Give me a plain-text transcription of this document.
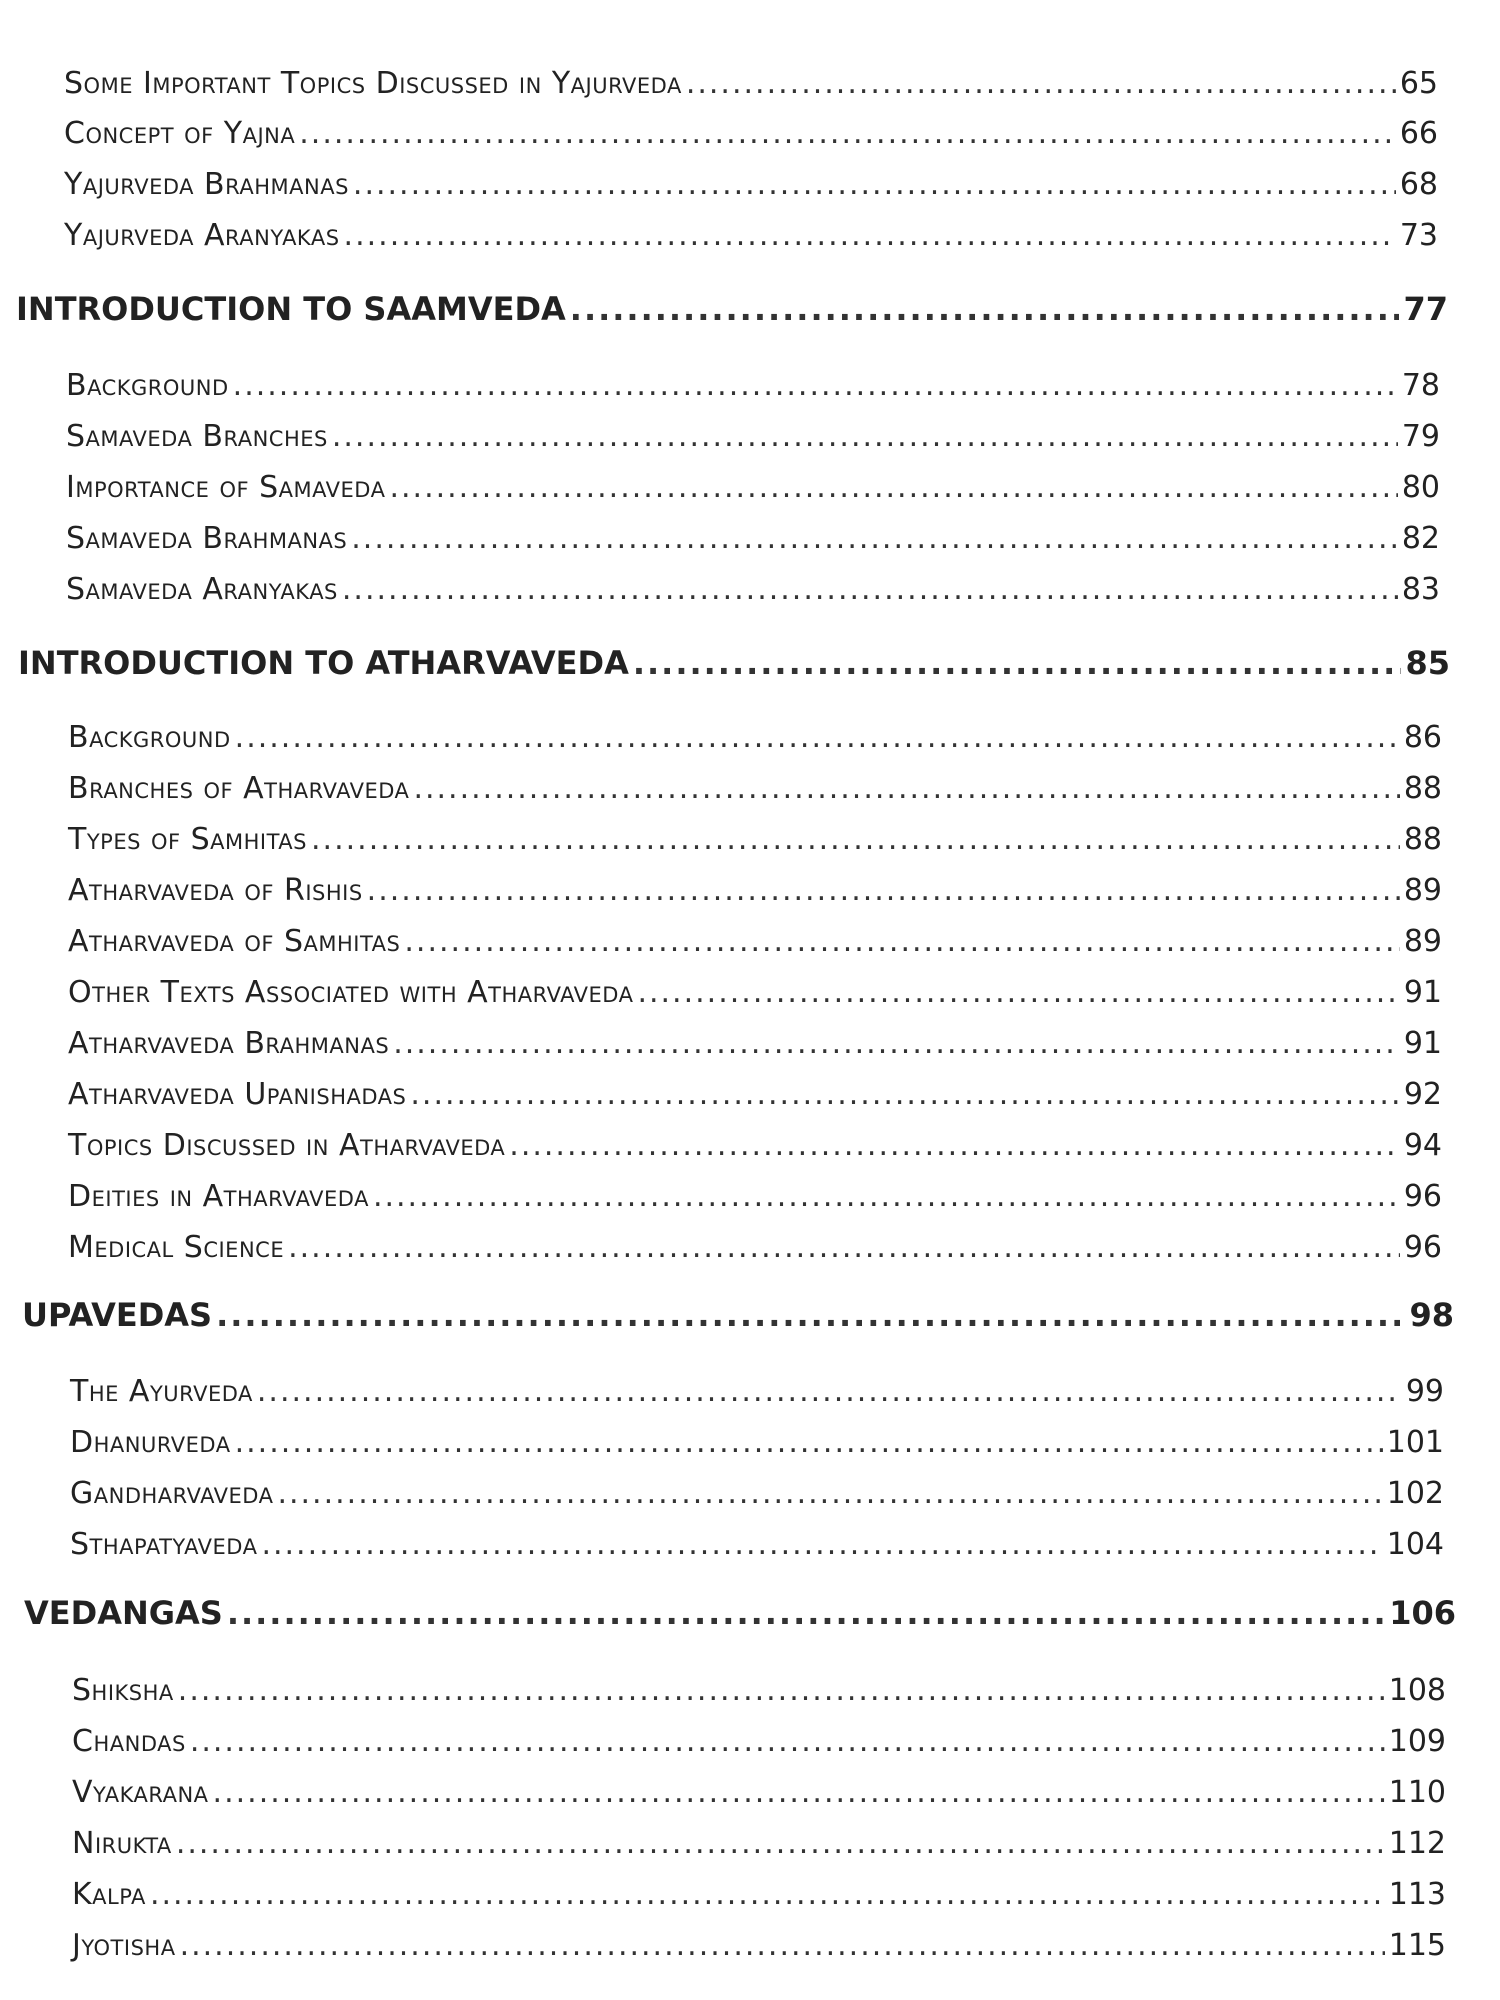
Some Important Topics Discussed in Yajurveda .....	65
Concept of Yajna .....	66
Yajurveda Brahmanas .....	68
Yajurveda Aranyakas .....	73
INTRODUCTION TO SAAMVEDA .....	77
Background .....	78
Samaveda Branches .....	79
Importance of Samaveda .....	80
Samaveda Brahmanas .....	82
Samaveda Aranyakas .....	83
INTRODUCTION TO ATHARVAVEDA .....	85
Background .....	86
Branches of Atharvaveda .....	88
Types of Samhitas .....	88
Atharvaveda of Rishis .....	89
Atharvaveda of Samhitas .....	89
Other Texts Associated with Atharvaveda .....	91
Atharvaveda Brahmanas .....	91
Atharvaveda Upanishadas .....	92
Topics Discussed in Atharvaveda .....	94
Deities in Atharvaveda .....	96
Medical Science .....	96
UPAVEDAS .....	98
The Ayurveda .....	99
Dhanurveda .....	101
Gandharvaveda .....	102
Sthapatyaveda .....	104
VEDANGAS .....	106
Shiksha .....	108
Chandas .....	109
Vyakarana .....	110
Nirukta .....	112
Kalpa .....	113
Jyotisha .....	115
